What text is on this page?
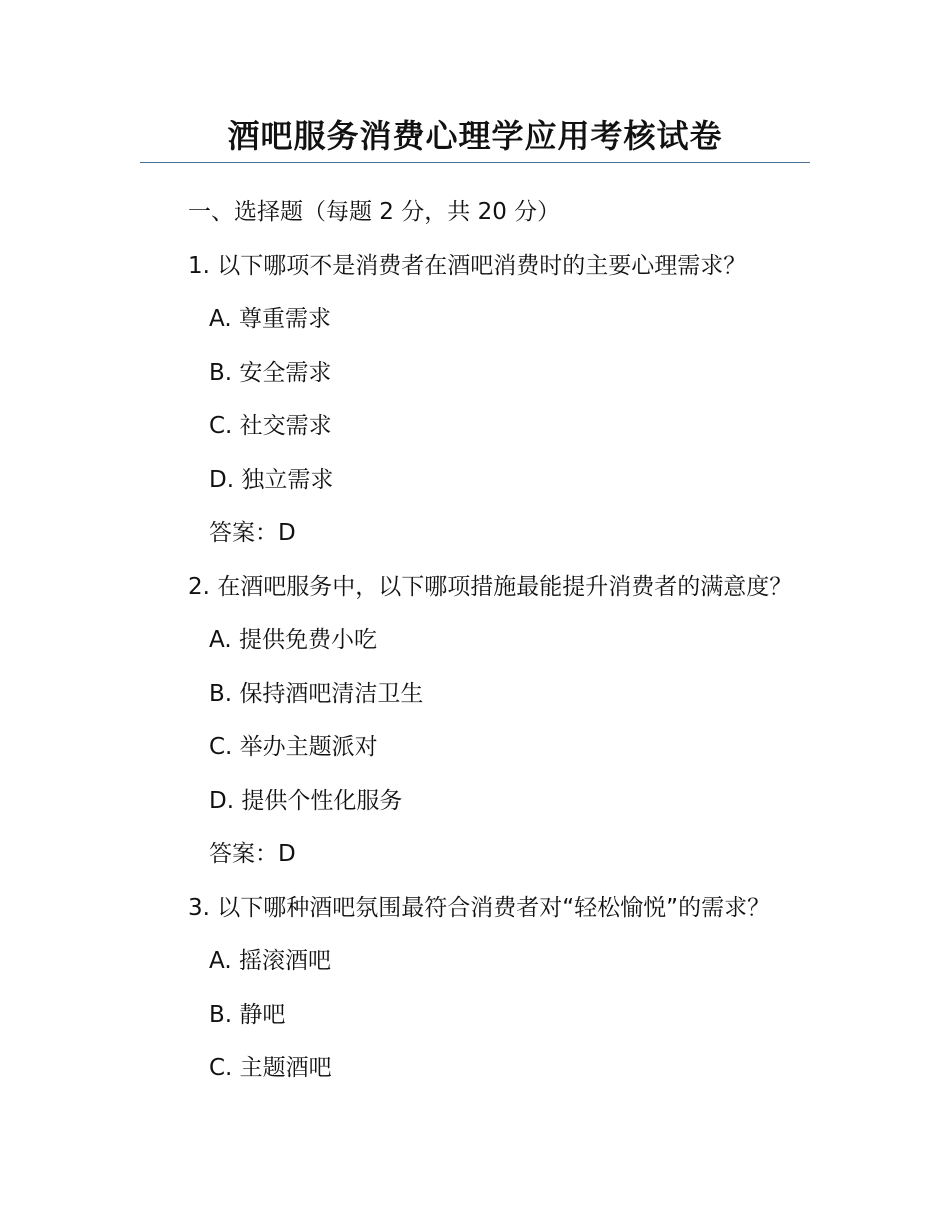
酒吧服务消费心理学应用考核试卷
一、选择题（每题 2 分，共 20 分）
1. 以下哪项不是消费者在酒吧消费时的主要心理需求？
A. 尊重需求
B. 安全需求
C. 社交需求
D. 独立需求
答案：D
2. 在酒吧服务中，以下哪项措施最能提升消费者的满意度？
A. 提供免费小吃
B. 保持酒吧清洁卫生
C. 举办主题派对
D. 提供个性化服务
答案：D
3. 以下哪种酒吧氛围最符合消费者对“轻松愉悦”的需求？
A. 摇滚酒吧
B. 静吧
C. 主题酒吧
